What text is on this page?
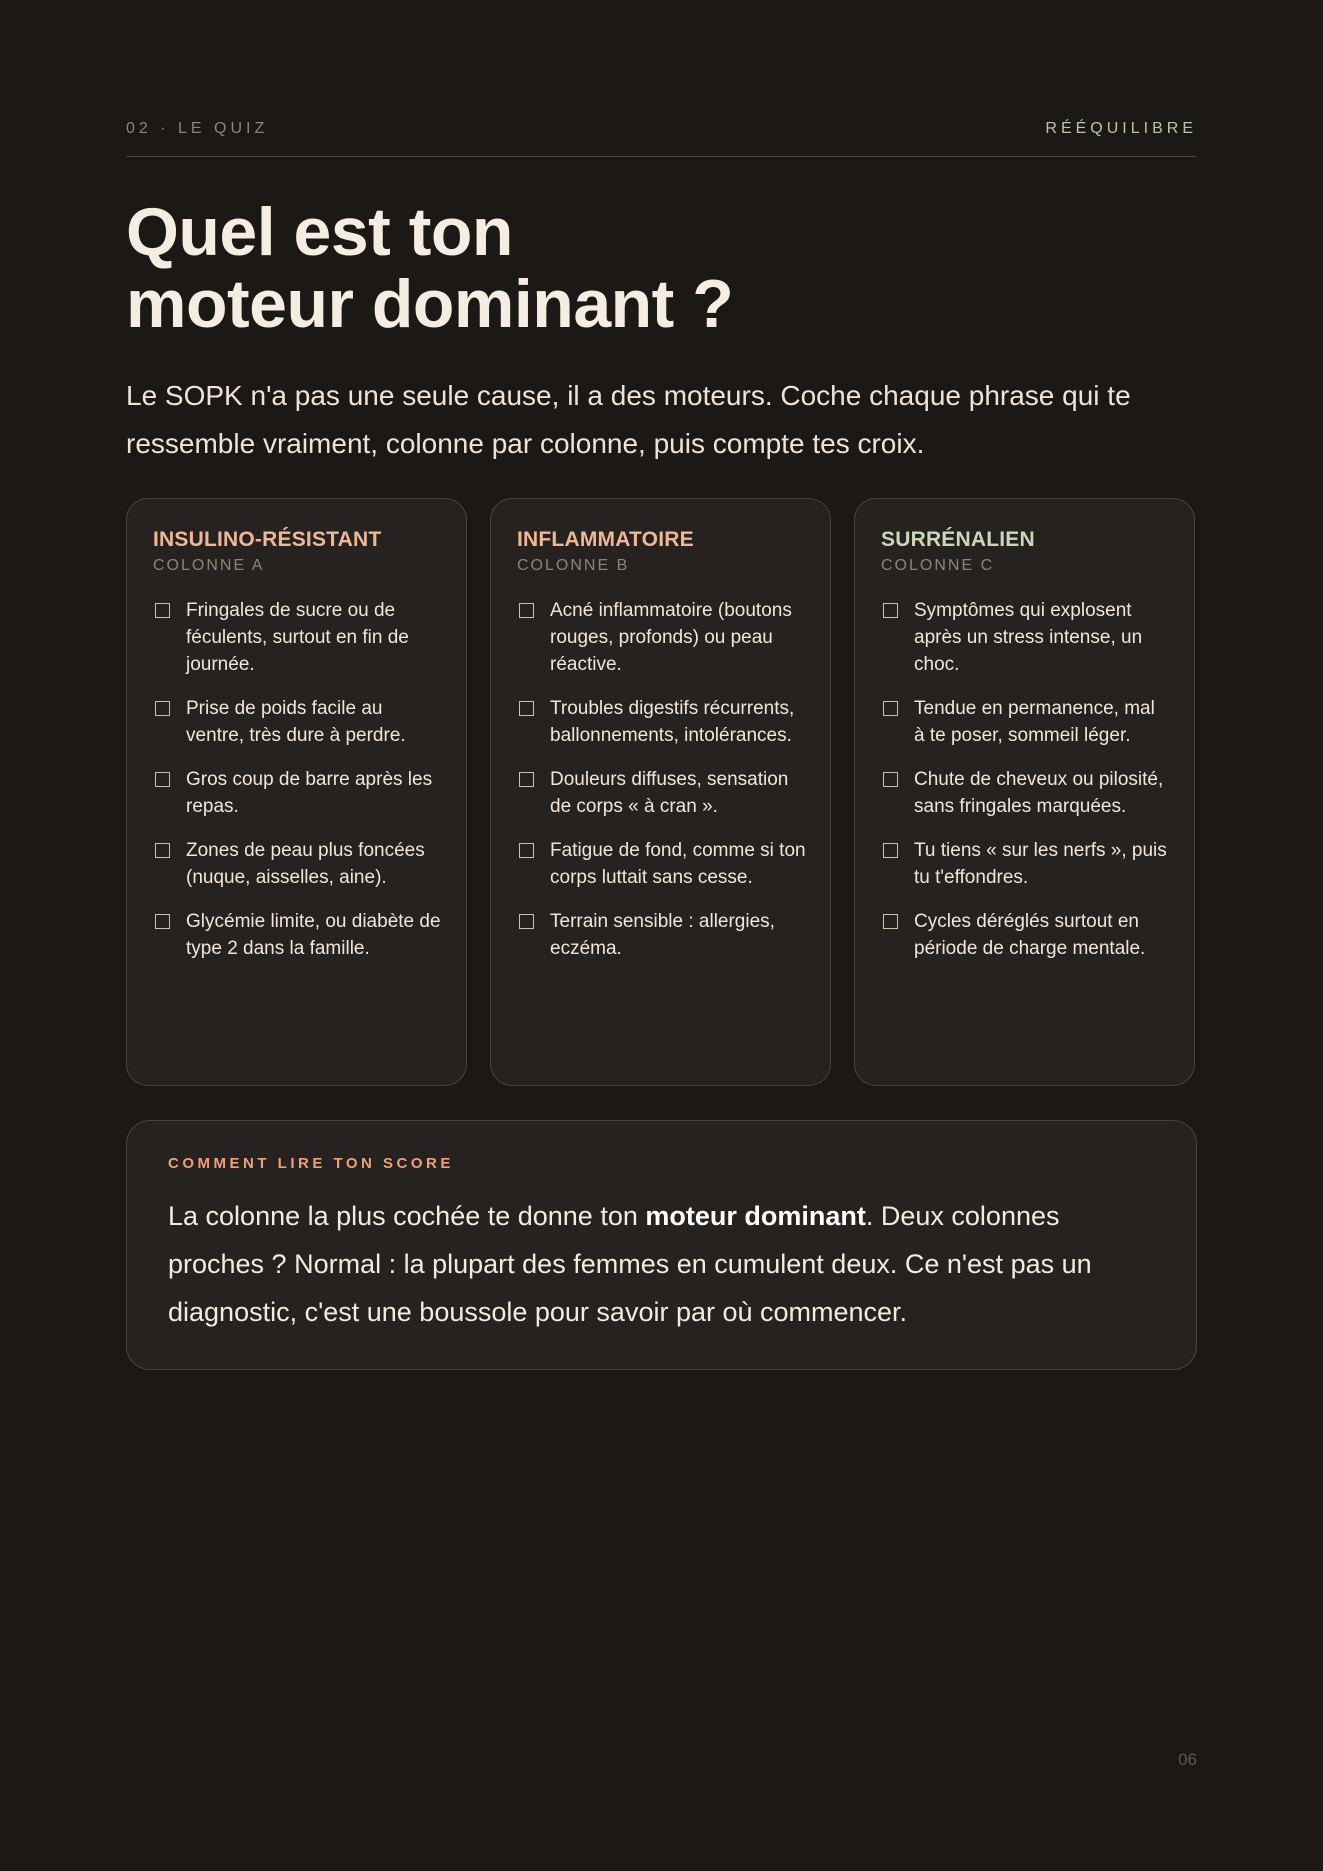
02 · LE QUIZ	RÉÉQUILIBRE
Quel est ton
moteur dominant ?

Le SOPK n'a pas une seule cause, il a des moteurs. Coche chaque phrase qui te ressemble vraiment, colonne par colonne, puis compte tes croix.

INSULINO-RÉSISTANT
COLONNE A
Fringales de sucre ou de féculents, surtout en fin de journée.
Prise de poids facile au ventre, très dure à perdre.
Gros coup de barre après les repas.
Zones de peau plus foncées (nuque, aisselles, aine).
Glycémie limite, ou diabète de type 2 dans la famille.
INFLAMMATOIRE
COLONNE B
Acné inflammatoire (boutons rouges, profonds) ou peau réactive.
Troubles digestifs récurrents, ballonnements, intolérances.
Douleurs diffuses, sensation de corps « à cran ».
Fatigue de fond, comme si ton corps luttait sans cesse.
Terrain sensible : allergies, eczéma.
SURRÉNALIEN
COLONNE C
Symptômes qui explosent après un stress intense, un choc.
Tendue en permanence, mal à te poser, sommeil léger.
Chute de cheveux ou pilosité, sans fringales marquées.
Tu tiens « sur les nerfs », puis tu t'effondres.
Cycles déréglés surtout en période de charge mentale.
COMMENT LIRE TON SCORE

La colonne la plus cochée te donne ton moteur dominant. Deux colonnes proches ? Normal : la plupart des femmes en cumulent deux. Ce n'est pas un diagnostic, c'est une boussole pour savoir par où commencer.

06
